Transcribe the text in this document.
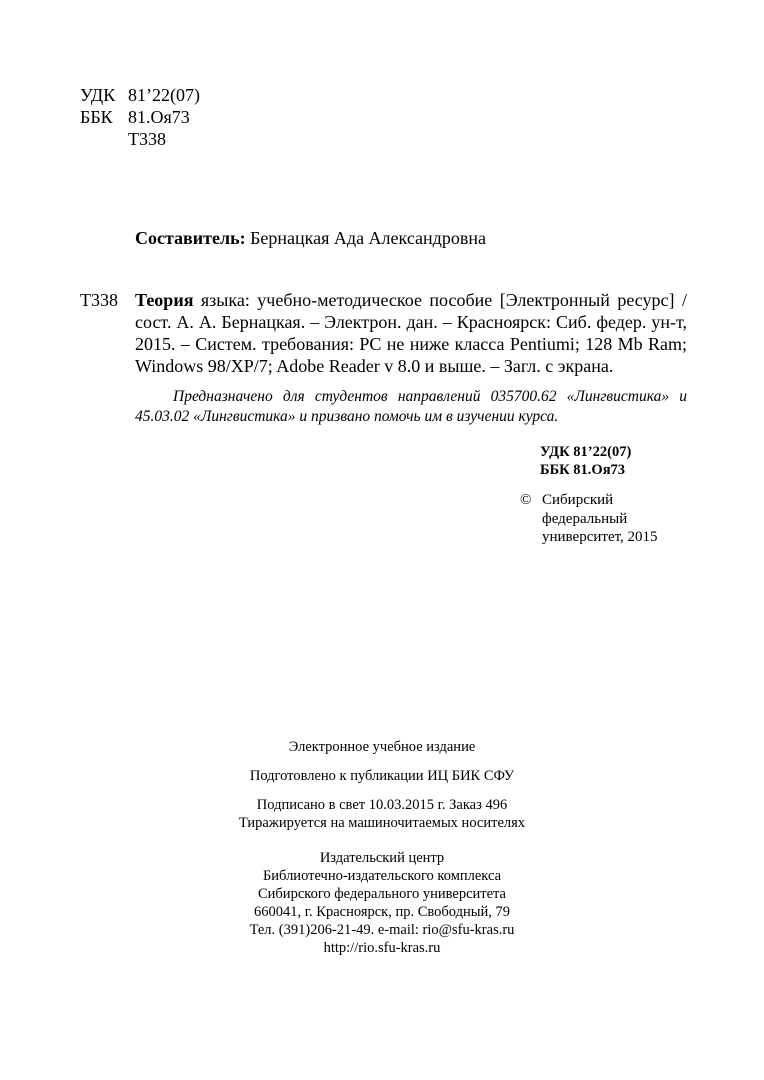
УДК 81’22(07)
ББК 81.Оя73
Т338
Составитель: Бернацкая Ада Александровна
Т338 Теория языка: учебно-методическое пособие [Электронный ресурс] / сост. А. А. Бернацкая. – Электрон. дан. – Красноярск: Сиб. федер. ун-т, 2015. – Систем. требования: PC не ниже класса Pentiumi; 128 Mb Ram; Windows 98/XP/7; Adobe Reader v 8.0 и выше. – Загл. с экрана.
Предназначено для студентов направлений 035700.62 «Лингвистика» и 45.03.02 «Лингвистика» и призвано помочь им в изучении курса.
УДК 81’22(07)
ББК 81.Оя73
© Сибирский
федеральный
университет, 2015
Электронное учебное издание
Подготовлено к публикации ИЦ БИК СФУ
Подписано в свет 10.03.2015 г. Заказ 496
Тиражируется на машиночитаемых носителях
Издательский центр
Библиотечно-издательского комплекса
Сибирского федерального университета
660041, г. Красноярск, пр. Свободный, 79
Тел. (391)206-21-49. e-mail: rio@sfu-kras.ru
http://rio.sfu-kras.ru
